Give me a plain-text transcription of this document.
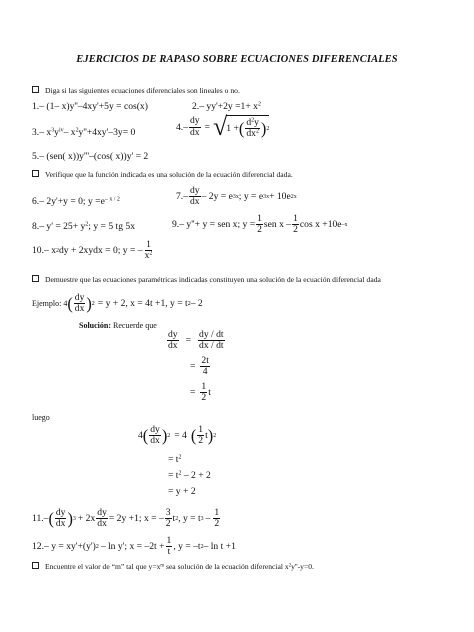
EJERCICIOS DE RAPASO SOBRE ECUACIONES DIFERENCIALES
Diga si las siguientes ecuaciones diferenciales son lineales o no.
1.– (1– x)y''–4xy'+5y = cos(x)	2.– $yy'+2y =1+ x^2$
3.– $x^3y^{iv}-$ $x^2y''+4xy'-3y= 0$	$4.- \frac{dy}{dx}$ = √ 1 + ( $\frac{d^2y}{dx^2}$ ) 2
5.– (sen( x))y'''–(cos( x))y' = 2
Verifique que la función indicada es una solución de la ecuación diferencial dada.
6.– 2y'+y = 0; $y =e^{- x / 2}$	$7.- \frac{dy}{dx} - 2y = e$ 3x ; y = e 3x + 10e 2 x
8.– $y' = 25+ y^2$; y = 5 tg 5x	9.– y''+ y = sen x; $y = \frac{1}{2}$ sen x – $\frac{1}{2}$ cos x +10e –x
10.– x 2 dy + 2xydx = 0; y = – $\frac{1}{x^2}$
Demuestre que las ecuaciones paramétricas indicadas constituyen una solución de la ecuación diferencial dada
Ejemplo: 4 ( $\frac{dy}{dx}$ ) 2 = y + 2, x = 4t +1, y = t 2 – 2
Solución: Recuerde que
$\frac{dy}{dx} = \frac{dy / dt}{dx / dt}$
= $\frac{2t}{4}$
= $\frac{1}{2}$ t
luego
4 ( $\frac{dy}{dx}$ ) 2 = 4 ( $\frac{1}{2}$ t ) 2
= $t^2$
= $t^2 - 2 + 2$
= y + 2
11.– ( $\frac{dy}{dx}$ ) $3 + 2x \frac{dy}{dx} = 2y +1$; x = – $\frac{3}{2}$ t 2 , y = t $3 - \frac{1}{2}$
12.– y = xy'+(y') 2 – ln y'; $x = -2t + \frac{1}{t}$ , y = –t 2 – ln t +1
Encuentre el valor de “m” tal que $y=x^m$ sea solución de la ecuación diferencial $x^2y''-y=0$.
